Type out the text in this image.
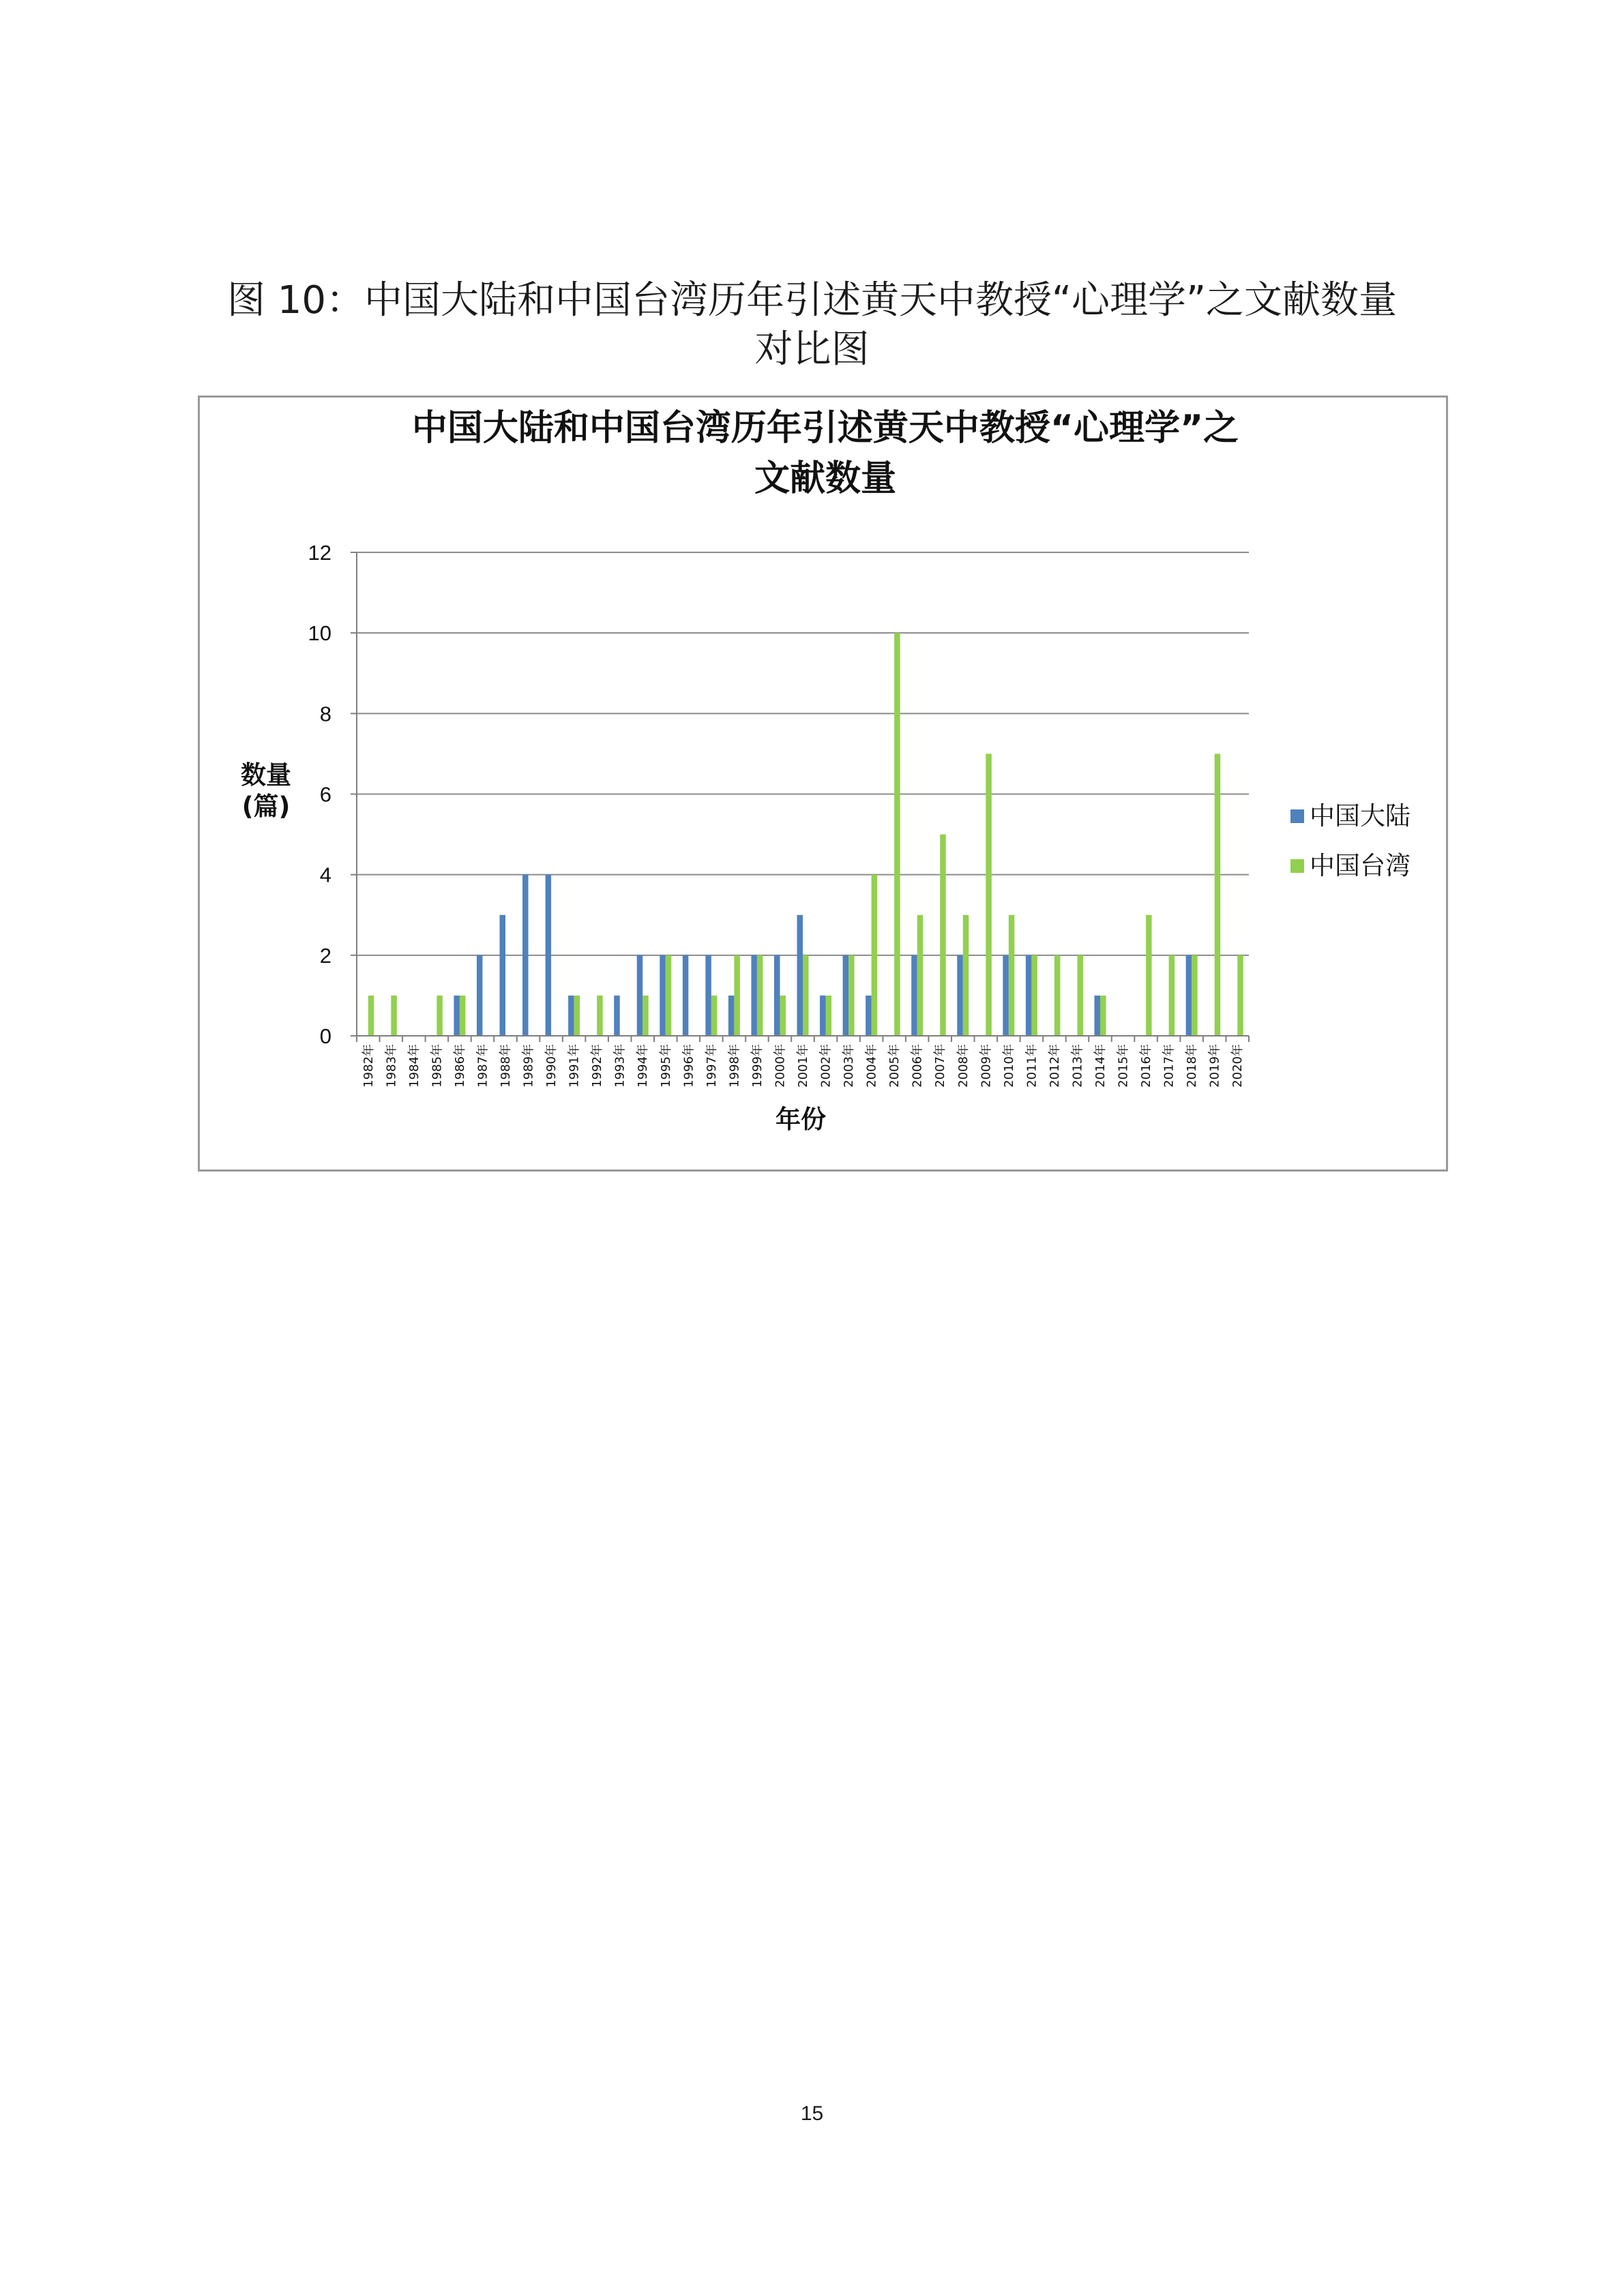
图 10：中国大陆和中国台湾历年引述黄天中教授“心理学”之文献数量
对比图
中国大陆和中国台湾历年引述黄天中教授“心理学”之
文献数量
0
2
4
6
8
10
12
1982年 1983年 1984年 1985年 1986年 1987年 1988年 1989年 1990年 1991年 1992年 1993年 1994年 1995年 1996年 1997年 1998年 1999年 2000年 2001年 2002年 2003年 2004年 2005年 2006年 2007年 2008年 2009年 2010年 2011年 2012年 2013年 2014年 2015年 2016年 2017年 2018年 2019年 2020年
数量
(篇)
年份
中国大陆
中国台湾
15
